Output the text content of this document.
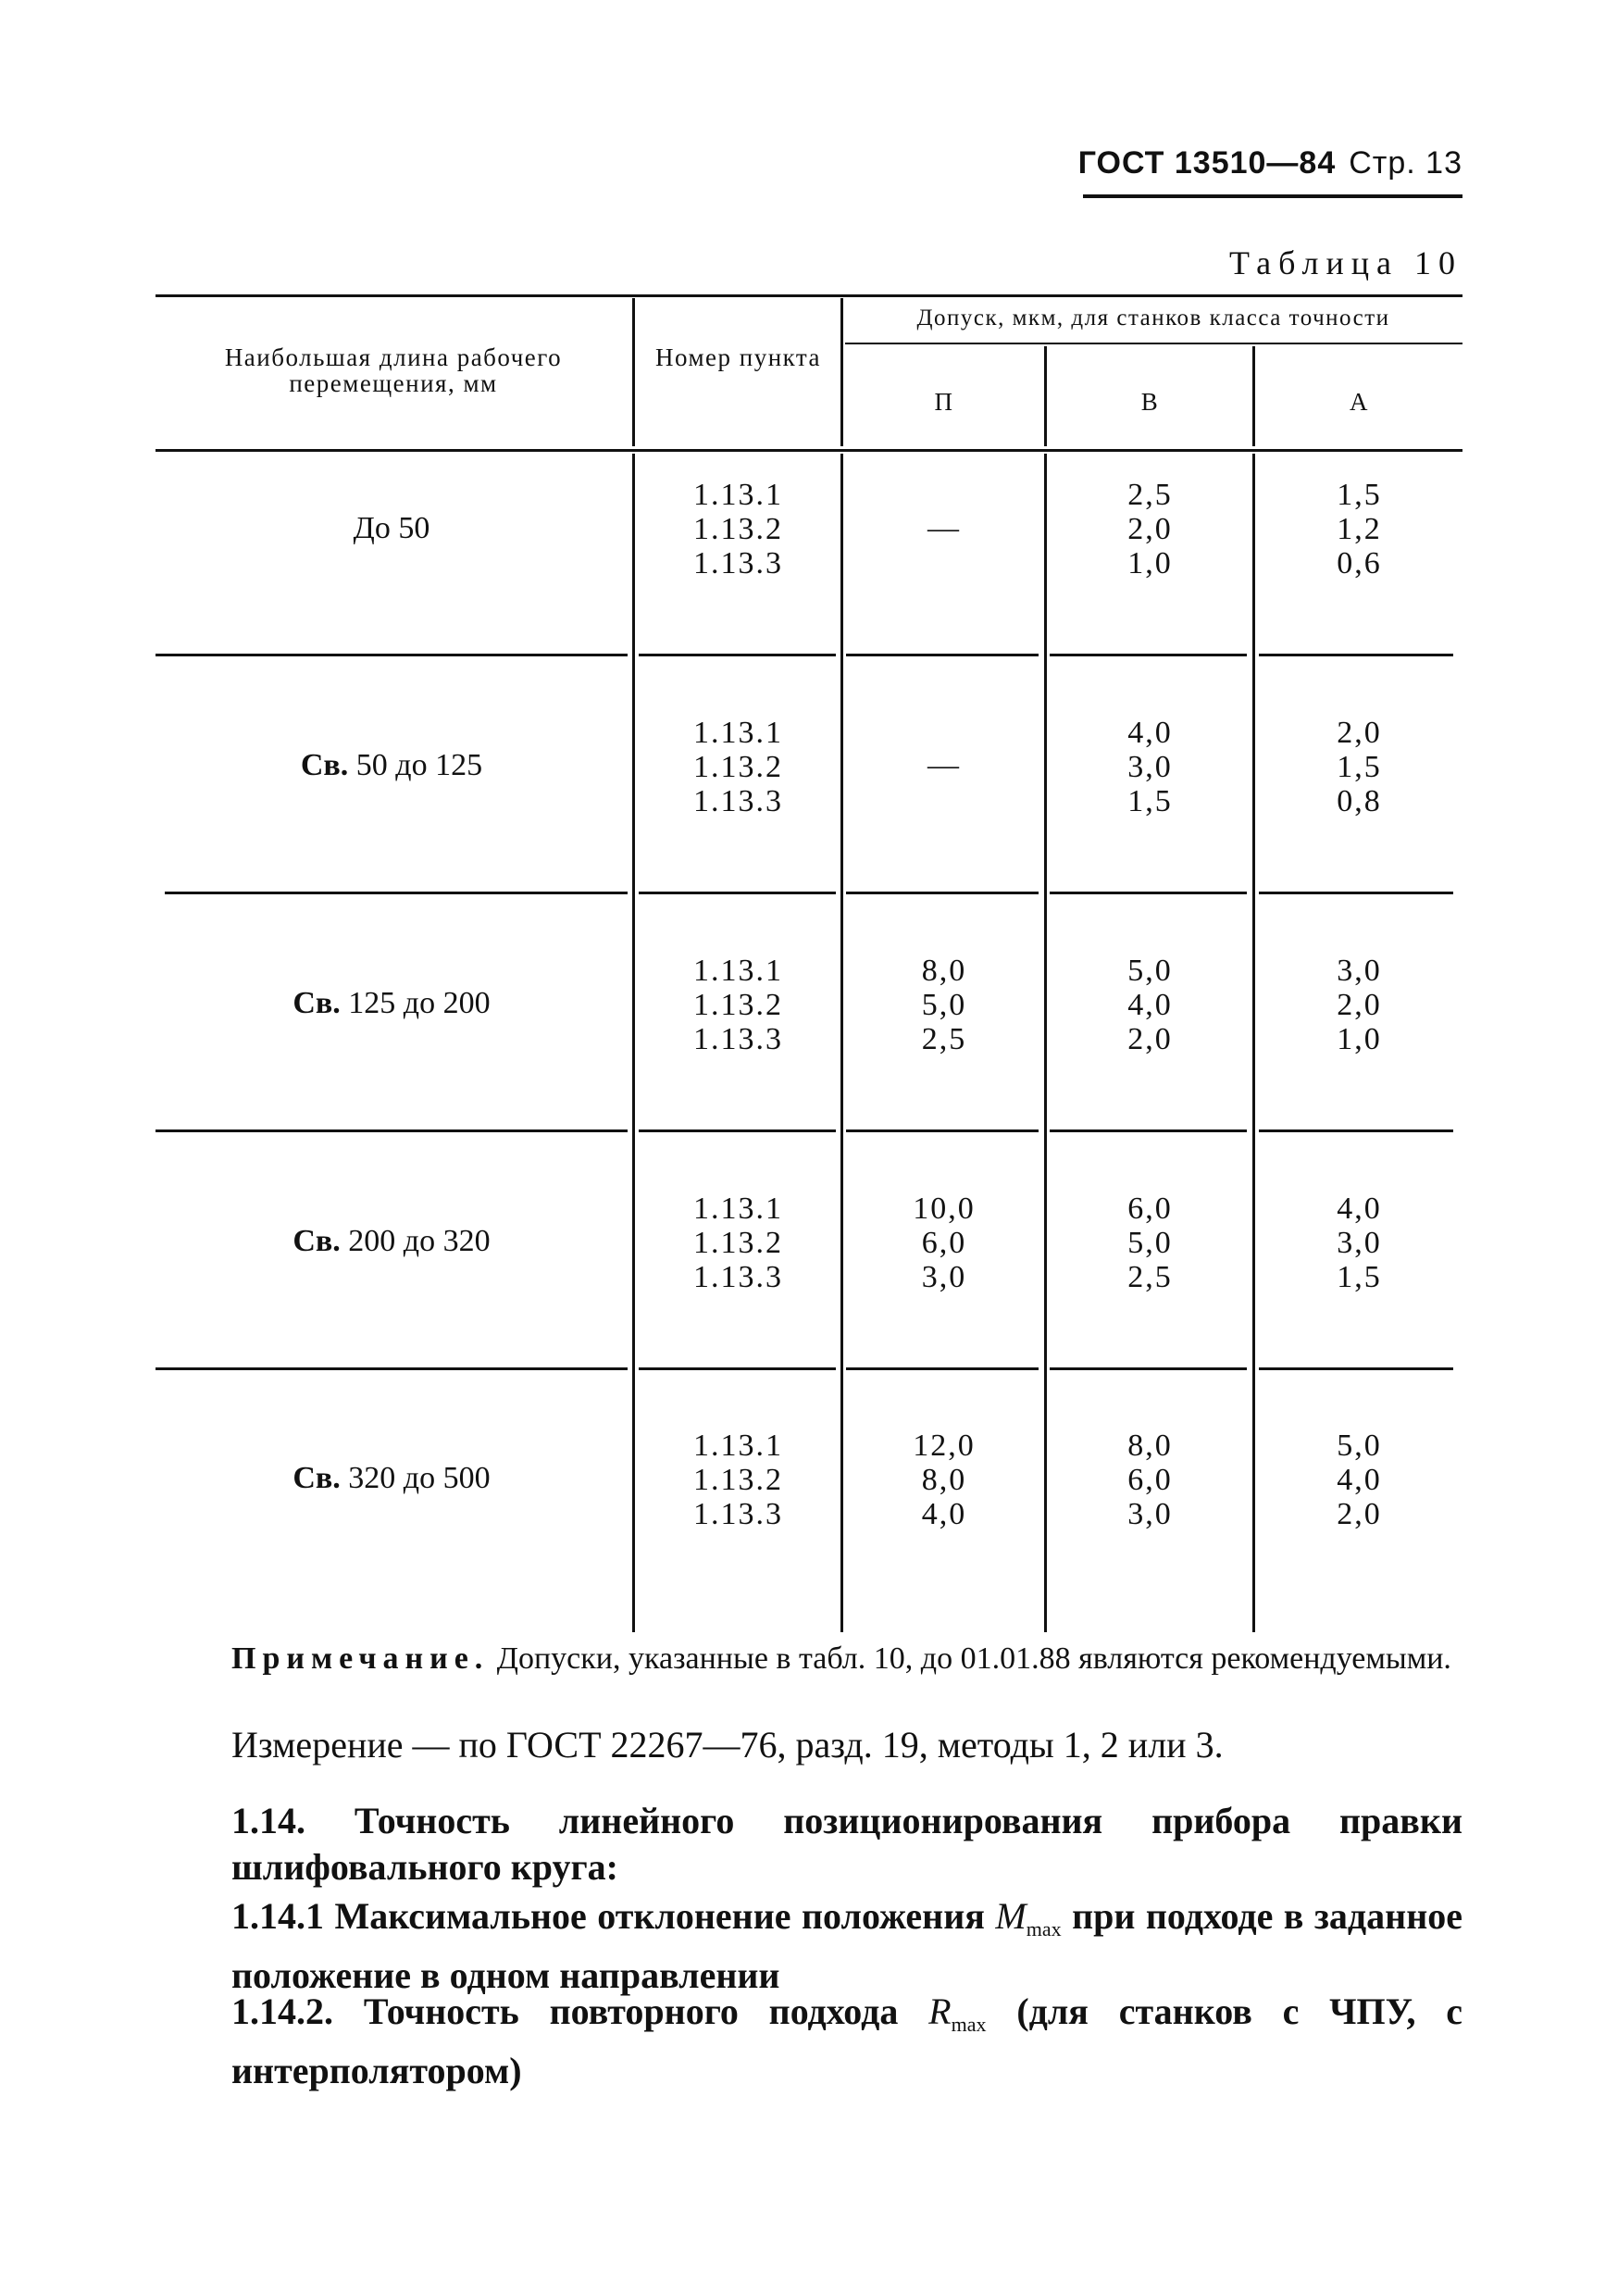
ГОСТ 13510—84 Стр. 13
Таблица 10
Наибольшая длина рабочего перемещения, мм
Номер пункта
Допуск, мкм, для станков класса точности
П	В	А
До 50
1.13.1
1.13.2
1.13.3
—
2,5
2,0
1,0
1,5
1,2
0,6
Св. 50 до 125
1.13.1
1.13.2
1.13.3
—
4,0
3,0
1,5
2,0
1,5
0,8
Св. 125 до 200
1.13.1
1.13.2
1.13.3
8,0
5,0
2,5
5,0
4,0
2,0
3,0
2,0
1,0
Св. 200 до 320
1.13.1
1.13.2
1.13.3
10,0
6,0
3,0
6,0
5,0
2,5
4,0
3,0
1,5
Св. 320 до 500
1.13.1
1.13.2
1.13.3
12,0
8,0
4,0
8,0
6,0
3,0
5,0
4,0
2,0
Примечание. Допуски, указанные в табл. 10, до 01.01.88 являются рекомендуемыми.
Измерение — по ГОСТ 22267—76, разд. 19, методы 1, 2 или 3.
1.14. Точность линейного позиционирования прибора правки шлифовального круга:
1.14.1 Максимальное отклонение положения $M_{max}$ при подходе в заданное положение в одном направлении
1.14.2. Точность повторного подхода $R_{max}$ (для станков с ЧПУ, с интерполятором)
